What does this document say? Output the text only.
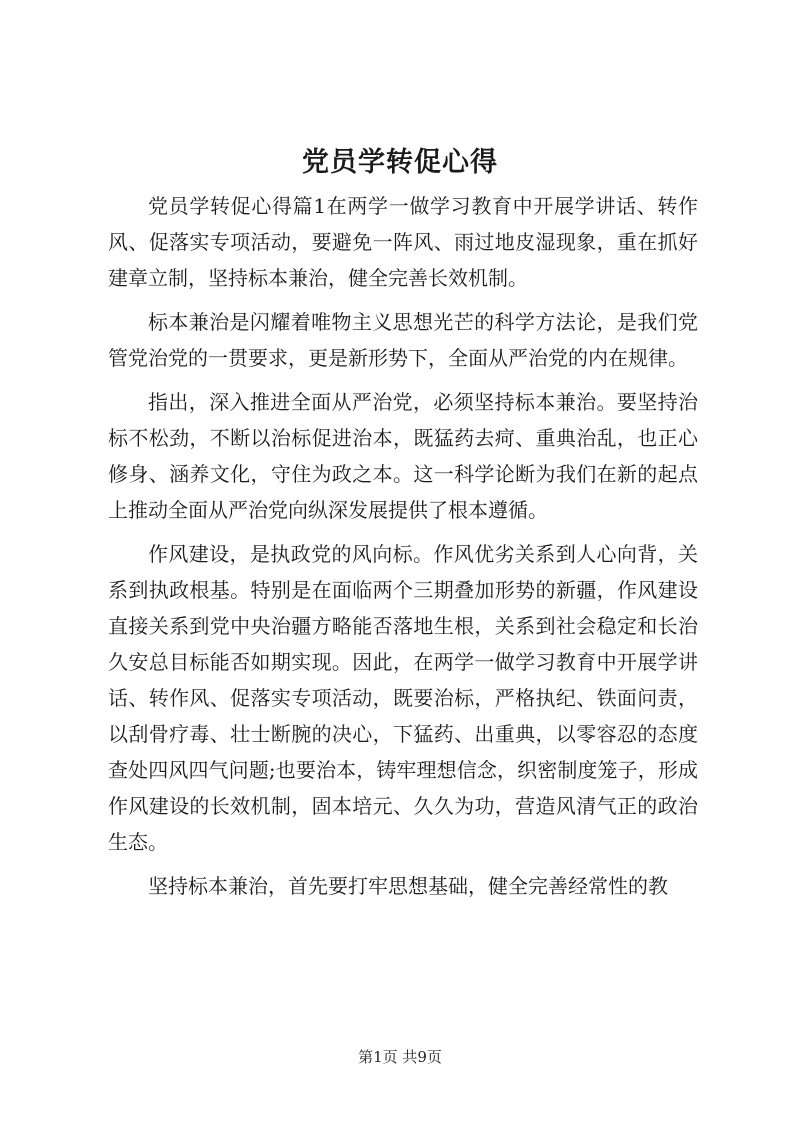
党员学转促心得

党员学转促心得篇1在两学一做学习教育中开展学讲话、转作风、促落实专项活动，要避免一阵风、雨过地皮湿现象，重在抓好建章立制，坚持标本兼治，健全完善长效机制。

标本兼治是闪耀着唯物主义思想光芒的科学方法论，是我们党管党治党的一贯要求，更是新形势下，全面从严治党的内在规律。

指出，深入推进全面从严治党，必须坚持标本兼治。要坚持治标不松劲，不断以治标促进治本，既猛药去疴、重典治乱，也正心修身、涵养文化，守住为政之本。这一科学论断为我们在新的起点上推动全面从严治党向纵深发展提供了根本遵循。

作风建设，是执政党的风向标。作风优劣关系到人心向背，关系到执政根基。特别是在面临两个三期叠加形势的新疆，作风建设直接关系到党中央治疆方略能否落地生根，关系到社会稳定和长治久安总目标能否如期实现。因此，在两学一做学习教育中开展学讲话、转作风、促落实专项活动，既要治标，严格执纪、铁面问责，以刮骨疗毒、壮士断腕的决心，下猛药、出重典，以零容忍的态度查处四风四气问题;也要治本，铸牢理想信念，织密制度笼子，形成作风建设的长效机制，固本培元、久久为功，营造风清气正的政治生态。

坚持标本兼治，首先要打牢思想基础，健全完善经常性的教

第1页 共9页
